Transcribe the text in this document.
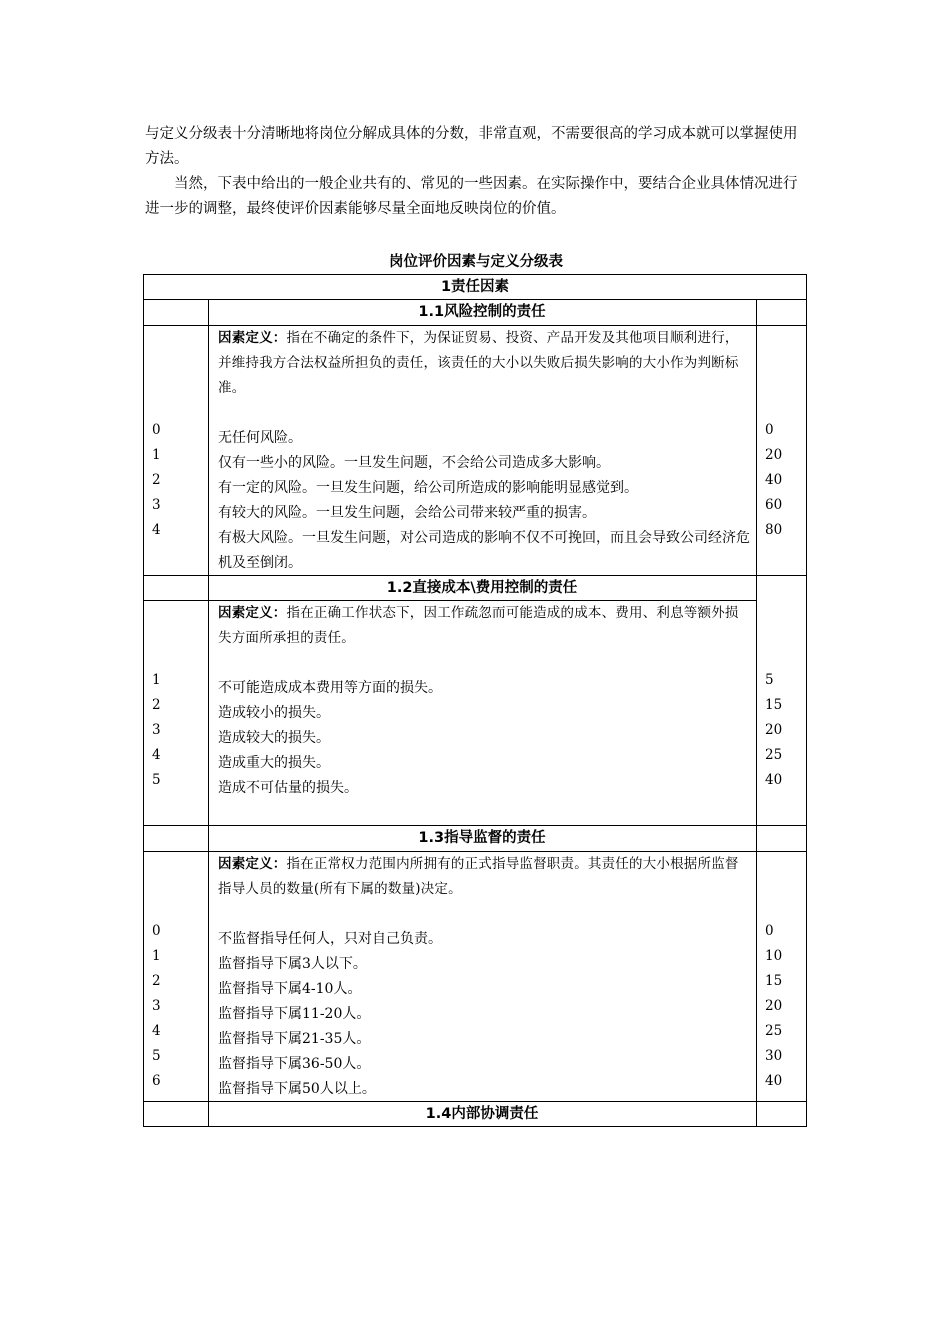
与定义分级表十分清晰地将岗位分解成具体的分数，非常直观，不需要很高的学习成本就可以掌握使用方法。

当然，下表中给出的一般企业共有的、常见的一些因素。在实际操作中，要结合企业具体情况进行进一步的调整，最终使评价因素能够尽量全面地反映岗位的价值。

岗位评价因素与定义分级表
1责任因素
1.1风险控制的责任
因素定义：指在不确定的条件下，为保证贸易、投资、产品开发及其他项目顺利进行，并维持我方合法权益所担负的责任，该责任的大小以失败后损失影响的大小作为判断标准。
0
1
2
3
4
无任何风险。
仅有一些小的风险。一旦发生问题，不会给公司造成多大影响。
有一定的风险。一旦发生问题，给公司所造成的影响能明显感觉到。
有较大的风险。一旦发生问题，会给公司带来较严重的损害。
有极大风险。一旦发生问题，对公司造成的影响不仅不可挽回，而且会导致公司经济危机及至倒闭。
0
20
40
60
80
1.2直接成本\费用控制的责任
因素定义：指在正确工作状态下，因工作疏忽而可能造成的成本、费用、利息等额外损失方面所承担的责任。
1
2
3
4
5
不可能造成成本费用等方面的损失。
造成较小的损失。
造成较大的损失。
造成重大的损失。
造成不可估量的损失。
5
15
20
25
40
1.3指导监督的责任
因素定义：指在正常权力范围内所拥有的正式指导监督职责。其责任的大小根据所监督指导人员的数量(所有下属的数量)决定。
0
1
2
3
4
5
6
不监督指导任何人，只对自己负责。
监督指导下属3人以下。
监督指导下属4-10人。
监督指导下属11-20人。
监督指导下属21-35人。
监督指导下属36-50人。
监督指导下属50人以上。
0
10
15
20
25
30
40
1.4内部协调责任
